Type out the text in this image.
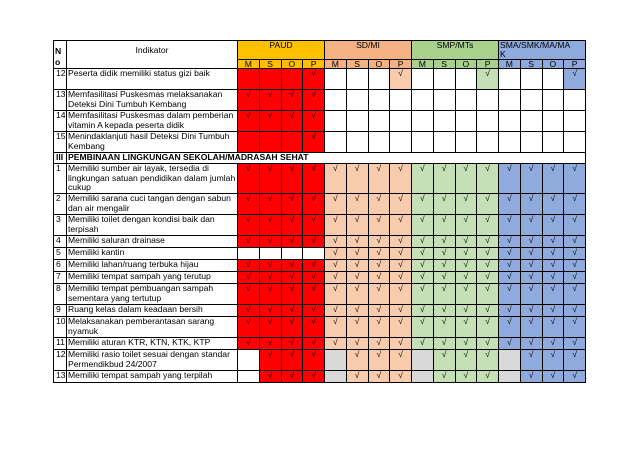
N
o	Indikator	PAUD				SD/MI				SMP/MTs				SMA/SMK/MA/MA
K			
		M	S	O	P	M	S	O	P	M	S	O	P	M	S	O	P
12	Peserta didik memiliki status gizi baik				√				√				√				√
13	Memfasilitasi Puskesmas melaksanakan Deteksi Dini Tumbuh Kembang	√	√	√	√												
14	Memfasilitasi Puskesmas dalam pemberian vitamin A kepada peserta didik	√	√	√	√												
15	Menindaklanjuti hasil Deteksi Dini Tumbuh Kembang				√												
III	PEMBINAAN LINGKUNGAN SEKOLAH/MADRASAH SEHAT																
1	Memiliki sumber air layak, tersedia di lingkungan satuan pendidikan dalam jumlah cukup	√	√	√	√	√	√	√	√	√	√	√	√	√	√	√	√
2	Memiliki sarana cuci tangan dengan sabun dan air mengalir	√	√	√	√	√	√	√	√	√	√	√	√	√	√	√	√
3	Memiliki toilet dengan kondisi baik dan terpisah	√	√	√	√	√	√	√	√	√	√	√	√	√	√	√	√
4	Memiliki saluran drainase	√	√	√	√	√	√	√	√	√	√	√	√	√	√	√	√
5	Memiliki kantin					√	√	√	√	√	√	√	√	√	√	√	√
6	Memiliki lahan/ruang terbuka hijau	√	√	√	√	√	√	√	√	√	√	√	√	√	√	√	√
7	Memiliki tempat sampah yang terutup	√	√	√	√	√	√	√	√	√	√	√	√	√	√	√	√
8	Memiliki tempat pembuangan sampah sementara yang tertutup	√	√	√	√	√	√	√	√	√	√	√	√	√	√	√	√
9	Ruang kelas dalam keadaan bersih	√	√	√	√	√	√	√	√	√	√	√	√	√	√	√	√
10	Melaksanakan pemberantasan sarang nyamuk	√	√	√	√	√	√	√	√	√	√	√	√	√	√	√	√
11	Memiliki aturan KTR, KTN, KTK, KTP	√	√	√	√	√	√	√	√	√	√	√	√	√	√	√	√
12	Memiliki rasio toilet sesuai dengan standar Permendikbud 24/2007		√	√	√		√	√	√		√	√	√		√	√	√
13	Memiliki tempat sampah yang terpilah		√	√	√		√	√	√		√	√	√		√	√	√
